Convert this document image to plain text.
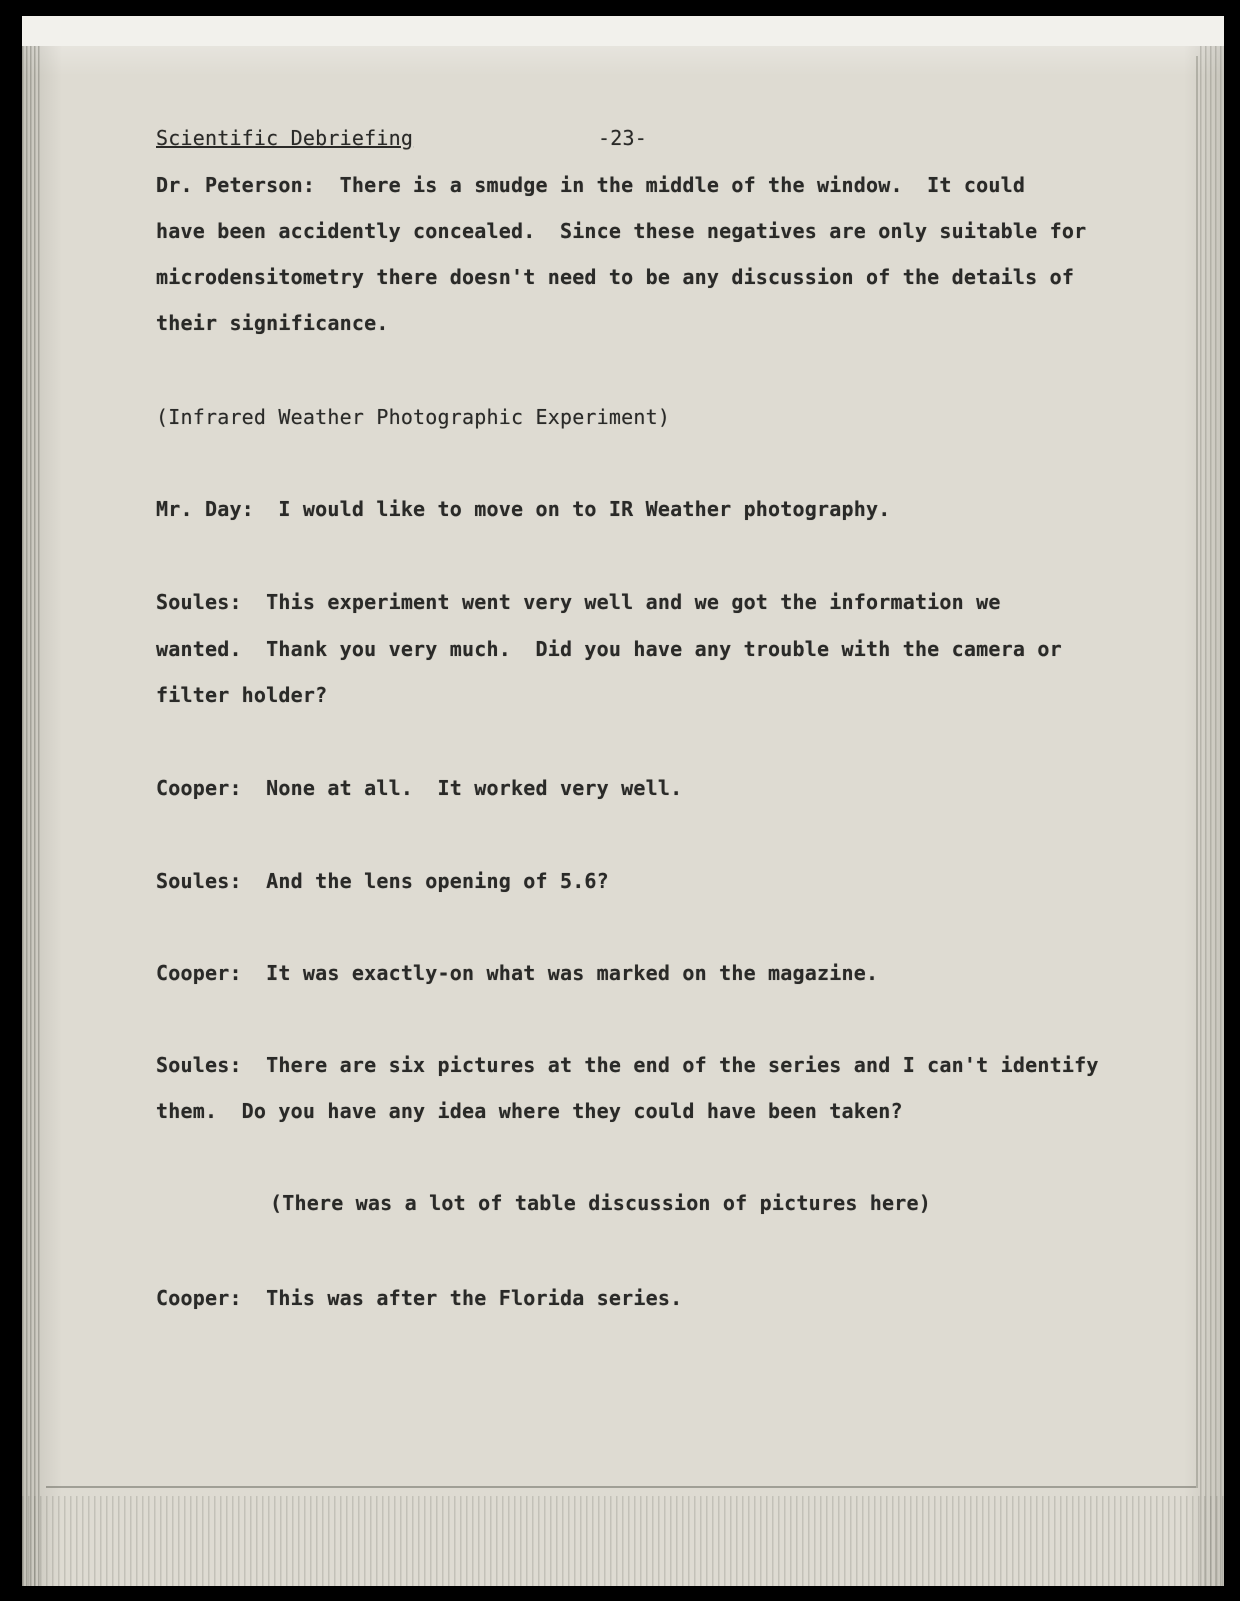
Scientific Debriefing	-23-
Dr. Peterson:  There is a smudge in the middle of the window.  It could
have been accidently concealed.  Since these negatives are only suitable for
microdensitometry there doesn't need to be any discussion of the details of
their significance.
(Infrared Weather Photographic Experiment)
Mr. Day:  I would like to move on to IR Weather photography.
Soules:  This experiment went very well and we got the information we
wanted.  Thank you very much.  Did you have any trouble with the camera or
filter holder?
Cooper:  None at all.  It worked very well.
Soules:  And the lens opening of 5.6?
Cooper:  It was exactly-on what was marked on the magazine.
Soules:  There are six pictures at the end of the series and I can't identify
them.  Do you have any idea where they could have been taken?
(There was a lot of table discussion of pictures here)
Cooper:  This was after the Florida series.
